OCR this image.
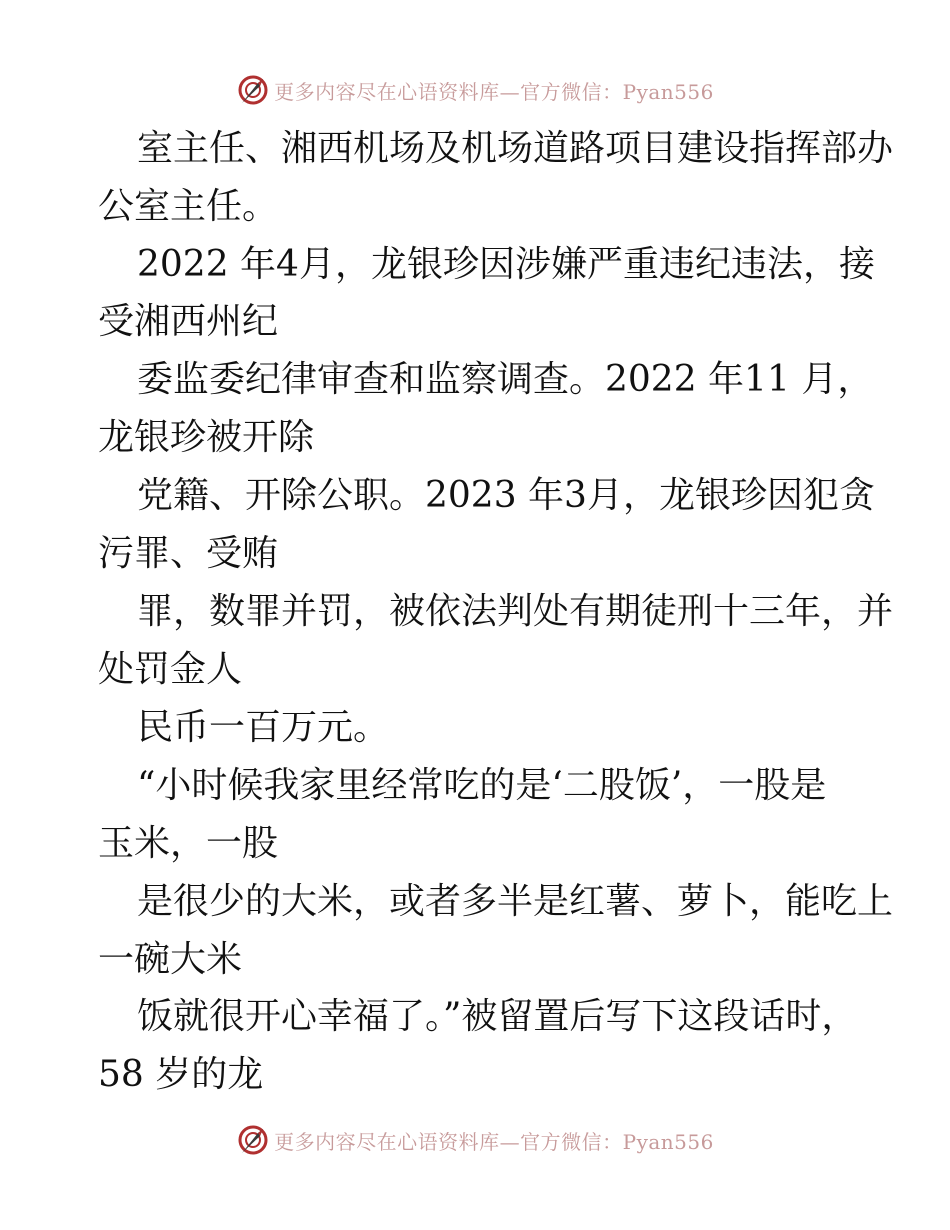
更多内容尽在心语资料库—官方微信：Pyan556
室主任、湘西机场及机场道路项目建设指挥部办
公室主任。
2022 年4月，龙银珍因涉嫌严重违纪违法，接
受湘西州纪
委监委纪律审查和监察调查。2022 年11 月，
龙银珍被开除
党籍、开除公职。2023 年3月，龙银珍因犯贪
污罪、受贿
罪，数罪并罚，被依法判处有期徒刑十三年，并
处罚金人
民币一百万元。
“小时候我家里经常吃的是‘二股饭’，一股是
玉米，一股
是很少的大米，或者多半是红薯、萝卜，能吃上
一碗大米
饭就很开心幸福了。”被留置后写下这段话时，
58 岁的龙
更多内容尽在心语资料库—官方微信：Pyan556
